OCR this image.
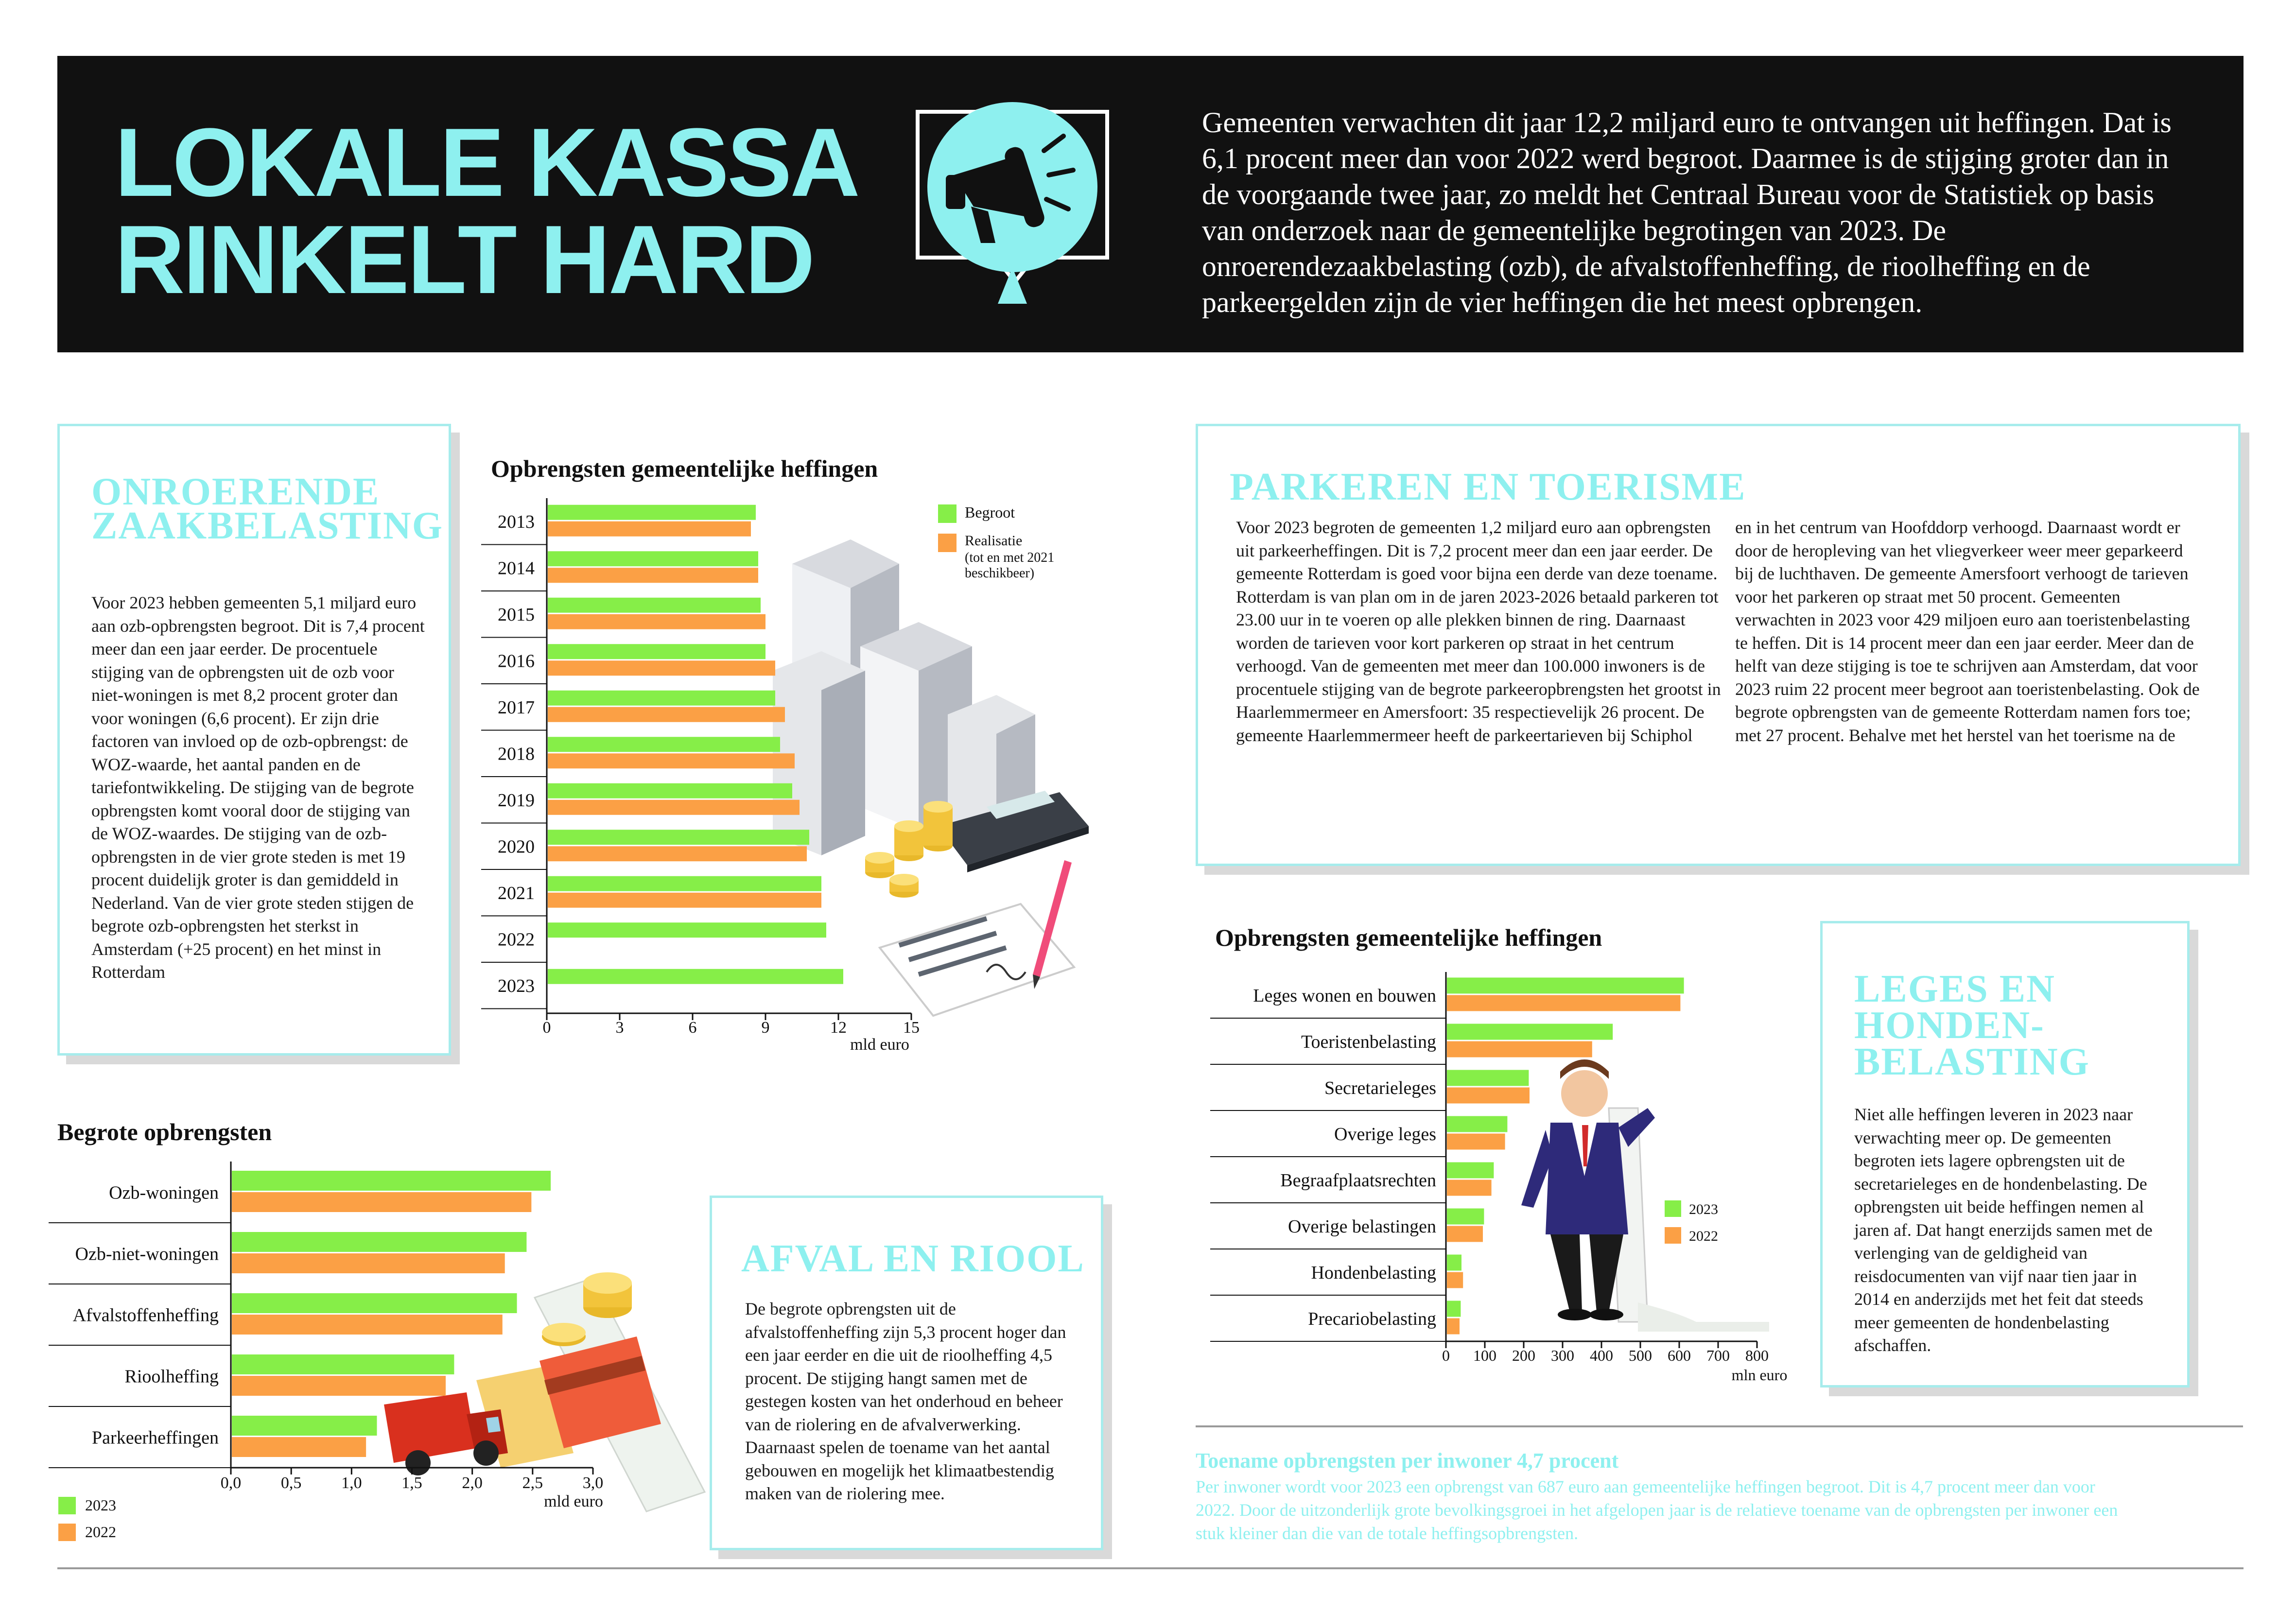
LOKALE KASSA
RINKELT HARD
Gemeenten verwachten dit jaar 12,2 miljard euro te ontvangen uit heffingen. Dat is 6,1 procent meer dan voor 2022 werd begroot. Daarmee is de stijging groter dan in de voorgaande twee jaar, zo meldt het Centraal Bureau voor de Statistiek op basis van onderzoek naar de gemeentelijke begrotingen van 2023. De onroerendezaakbelasting (ozb), de afvalstoffenheffing, de rioolheffing en de parkeergelden zijn de vier heffingen die het meest opbrengen.
ONROERENDE
ZAAKBELASTING
Voor 2023 hebben gemeenten 5,1 miljard euro aan ozb-opbrengsten begroot. Dit is 7,4 procent meer dan een jaar eerder. De procentuele stijging van de opbrengsten uit de ozb voor niet-woningen is met 8,2 procent groter dan voor woningen (6,6 procent). Er zijn drie factoren van invloed op de ozb-opbrengst: de WOZ-waarde, het aantal panden en de tariefontwikkeling. De stijging van de begrote opbrengsten komt vooral door de stijging van de WOZ-waardes. De stijging van de ozb-opbrengsten in de vier grote steden is met 19 procent duidelijk groter is dan gemiddeld in Nederland. Van de vier grote steden stijgen de begrote ozb-opbrengsten het sterkst in Amsterdam (+25 procent) en het minst in Rotterdam
Opbrengsten gemeentelijke heffingen
2013
2014
2015
2016
2017
2018
2019
2020
2021
2022
2023
0	3	6	9	12	15
mld euro
Begroot
Realisatie
(tot en met 2021
beschikbeer)
PARKEREN EN TOERISME
Voor 2023 begroten de gemeenten 1,2 miljard euro aan opbrengsten uit parkeerheffingen. Dit is 7,2 procent meer dan een jaar eerder. De gemeente Rotterdam is goed voor bijna een derde van deze toename. Rotterdam is van plan om in de jaren 2023-2026 betaald parkeren tot 23.00 uur in te voeren op alle plekken binnen de ring. Daarnaast worden de tarieven voor kort parkeren op straat in het centrum verhoogd. Van de gemeenten met meer dan 100.000 inwoners is de procentuele stijging van de begrote parkeeropbrengsten het grootst in Haarlemmermeer en Amersfoort: 35 respectievelijk 26 procent. De gemeente Haarlemmermeer heeft de parkeertarieven bij Schiphol
en in het centrum van Hoofddorp verhoogd. Daarnaast wordt er door de heropleving van het vliegverkeer weer meer geparkeerd bij de luchthaven. De gemeente Amersfoort verhoogt de tarieven voor het parkeren op straat met 50 procent. Gemeenten verwachten in 2023 voor 429 miljoen euro aan toeristenbelasting te heffen. Dit is 14 procent meer dan een jaar eerder. Meer dan de helft van deze stijging is toe te schrijven aan Amsterdam, dat voor 2023 ruim 22 procent meer begroot aan toeristenbelasting. Ook de begrote opbrengsten van de gemeente Rotterdam namen fors toe; met 27 procent. Behalve met het herstel van het toerisme na de
Begrote opbrengsten
Ozb-woningen
Ozb-niet-woningen
Afvalstoffenheffing
Rioolheffing
Parkeerheffingen
0,0 0,5 1,0 1,5 2,0 2,5 3,0
mld euro
2023
2022
AFVAL EN RIOOL
De begrote opbrengsten uit de afvalstoffenheffing zijn 5,3 procent hoger dan een jaar eerder en die uit de rioolheffing 4,5 procent. De stijging hangt samen met de gestegen kosten van het onderhoud en beheer van de riolering en de afvalverwerking. Daarnaast spelen de toename van het aantal gebouwen en mogelijk het klimaatbestendig maken van de riolering mee.
Opbrengsten gemeentelijke heffingen
Leges wonen en bouwen
Toeristenbelasting
Secretarieleges
Overige leges
Begraafplaatsrechten
Overige belastingen
Hondenbelasting
Precariobelasting
0 100 200 300 400 500 600 700 800
mln euro
2023
2022
LEGES EN
HONDEN-
BELASTING
Niet alle heffingen leveren in 2023 naar verwachting meer op. De gemeenten begroten iets lagere opbrengsten uit de secretarieleges en de hondenbelasting. De opbrengsten uit beide heffingen nemen al jaren af. Dat hangt enerzijds samen met de verlenging van de geldigheid van reisdocumenten van vijf naar tien jaar in 2014 en anderzijds met het feit dat steeds meer gemeenten de hondenbelasting afschaffen.
Toename opbrengsten per inwoner 4,7 procent
Per inwoner wordt voor 2023 een opbrengst van 687 euro aan gemeentelijke heffingen begroot. Dit is 4,7 procent meer dan voor 2022. Door de uitzonderlijk grote bevolkingsgroei in het afgelopen jaar is de relatieve toename van de opbrengsten per inwoner een stuk kleiner dan die van de totale heffingsopbrengsten.
